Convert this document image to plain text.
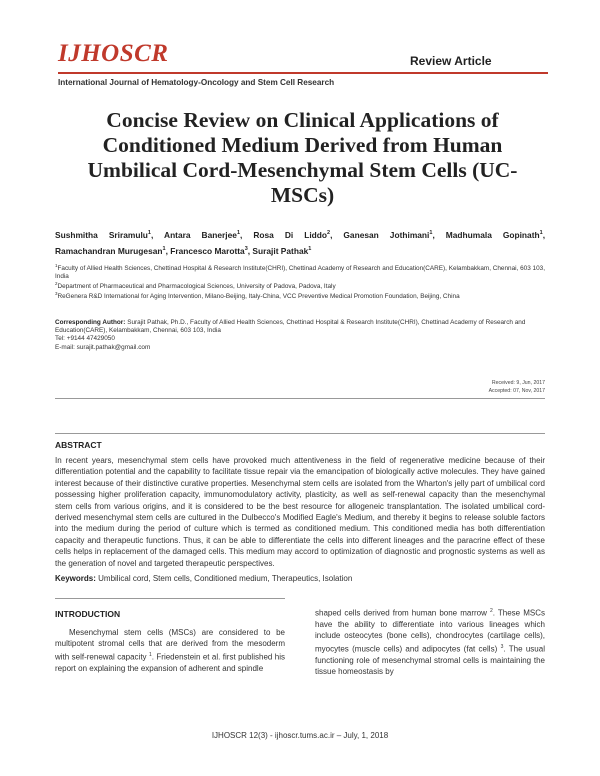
IJHOSCR	Review Article
International Journal of Hematology-Oncology and Stem Cell Research
Concise Review on Clinical Applications of Conditioned Medium Derived from Human Umbilical Cord-Mesenchymal Stem Cells (UC-MSCs)
Sushmitha Sriramulu$^1$, Antara Banerjee$^1$, Rosa Di Liddo$^2$, Ganesan Jothimani$^1$, Madhumala Gopinath$^1$,
Ramachandran Murugesan$^1$, Francesco Marotta$^3$, Surajit Pathak$^1$
$^1$Faculty of Allied Health Sciences, Chettinad Hospital & Research Institute(CHRI), Chettinad Academy of Research and Education(CARE), Kelambakkam, Chennai, 603 103, India
$^2$Department of Pharmaceutical and Pharmacological Sciences, University of Padova, Padova, Italy
$^3$ReGenera R&D International for Aging Intervention, Milano-Beijing, Italy-China, VCC Preventive Medical Promotion Foundation, Beijing, China
Corresponding Author: Surajit Pathak, Ph.D., Faculty of Allied Health Sciences, Chettinad Hospital & Research Institute(CHRI), Chettinad Academy of Research and Education(CARE), Kelambakkam, Chennai, 603 103, India
Tel: +9144 47429050
E-mail: surajit.pathak@gmail.com
Received: 9, Jun, 2017
Accepted: 07, Nov, 2017
ABSTRACT
In recent years, mesenchymal stem cells have provoked much attentiveness in the field of regenerative medicine because of their differentiation potential and the capability to facilitate tissue repair via the emancipation of biologically active molecules. They have gained interest because of their distinctive curative properties. Mesenchymal stem cells are isolated from the Wharton's jelly part of umbilical cord possessing higher proliferation capacity, immunomodulatory activity, plasticity, as well as self-renewal capacity than the mesenchymal stem cells from various origins, and it is considered to be the best resource for allogeneic transplantation. The isolated umbilical cord-derived mesenchymal stem cells are cultured in the Dulbecco's Modified Eagle's Medium, and thereby it begins to release soluble factors into the medium during the period of culture which is termed as conditioned medium. This conditioned media has both differentiation capacity and therapeutic functions. Thus, it can be able to differentiate the cells into different lineages and the paracrine effect of these cells helps in replacement of the damaged cells. This medium may accord to optimization of diagnostic and prognostic systems as well as the generation of novel and targeted therapeutic perspectives.
Keywords: Umbilical cord, Stem cells, Conditioned medium, Therapeutics, Isolation
INTRODUCTION
Mesenchymal stem cells (MSCs) are considered to be multipotent stromal cells that are derived from the mesoderm with self-renewal capacity $^1$. Friedenstein et al. first published his report on explaining the expansion of adherent and spindle
shaped cells derived from human bone marrow $^2$. These MSCs have the ability to differentiate into various lineages which include osteocytes (bone cells), chondrocytes (cartilage cells), myocytes (muscle cells) and adipocytes (fat cells) $^3$. The usual functioning role of mesenchymal stromal cells is maintaining the tissue homeostasis by
IJHOSCR 12(3) - ijhoscr.tums.ac.ir – July, 1, 2018
